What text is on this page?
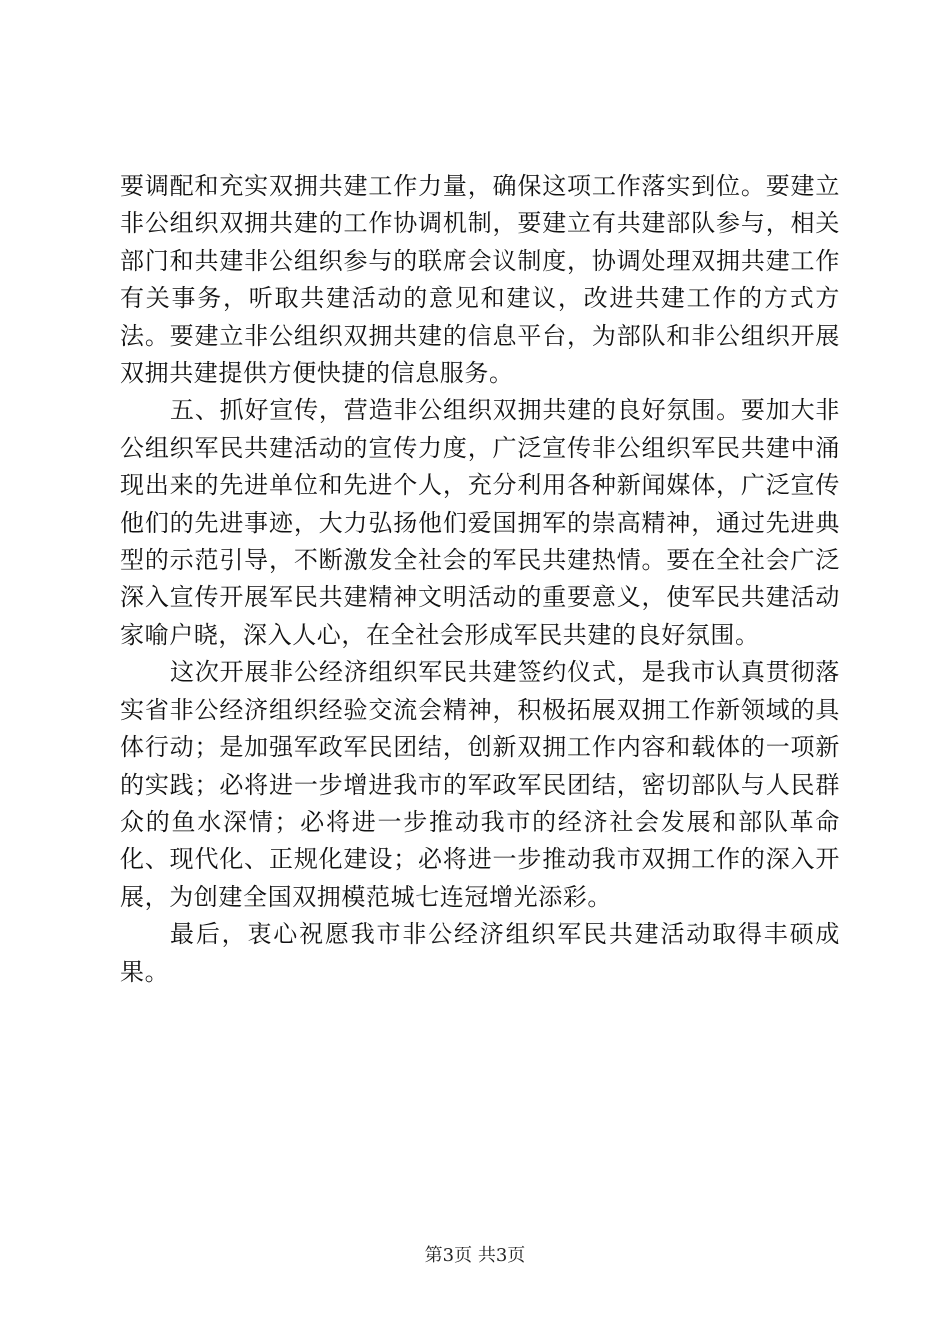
要调配和充实双拥共建工作力量，确保这项工作落实到位。要建立非公组织双拥共建的工作协调机制，要建立有共建部队参与，相关部门和共建非公组织参与的联席会议制度，协调处理双拥共建工作有关事务，听取共建活动的意见和建议，改进共建工作的方式方法。要建立非公组织双拥共建的信息平台，为部队和非公组织开展双拥共建提供方便快捷的信息服务。

五、抓好宣传，营造非公组织双拥共建的良好氛围。要加大非公组织军民共建活动的宣传力度，广泛宣传非公组织军民共建中涌现出来的先进单位和先进个人，充分利用各种新闻媒体，广泛宣传他们的先进事迹，大力弘扬他们爱国拥军的崇高精神，通过先进典型的示范引导，不断激发全社会的军民共建热情。要在全社会广泛深入宣传开展军民共建精神文明活动的重要意义，使军民共建活动家喻户晓，深入人心，在全社会形成军民共建的良好氛围。

这次开展非公经济组织军民共建签约仪式，是我市认真贯彻落实省非公经济组织经验交流会精神，积极拓展双拥工作新领域的具体行动；是加强军政军民团结，创新双拥工作内容和载体的一项新的实践；必将进一步增进我市的军政军民团结，密切部队与人民群众的鱼水深情；必将进一步推动我市的经济社会发展和部队革命化、现代化、正规化建设；必将进一步推动我市双拥工作的深入开展，为创建全国双拥模范城七连冠增光添彩。

最后，衷心祝愿我市非公经济组织军民共建活动取得丰硕成果。

第3页 共3页
